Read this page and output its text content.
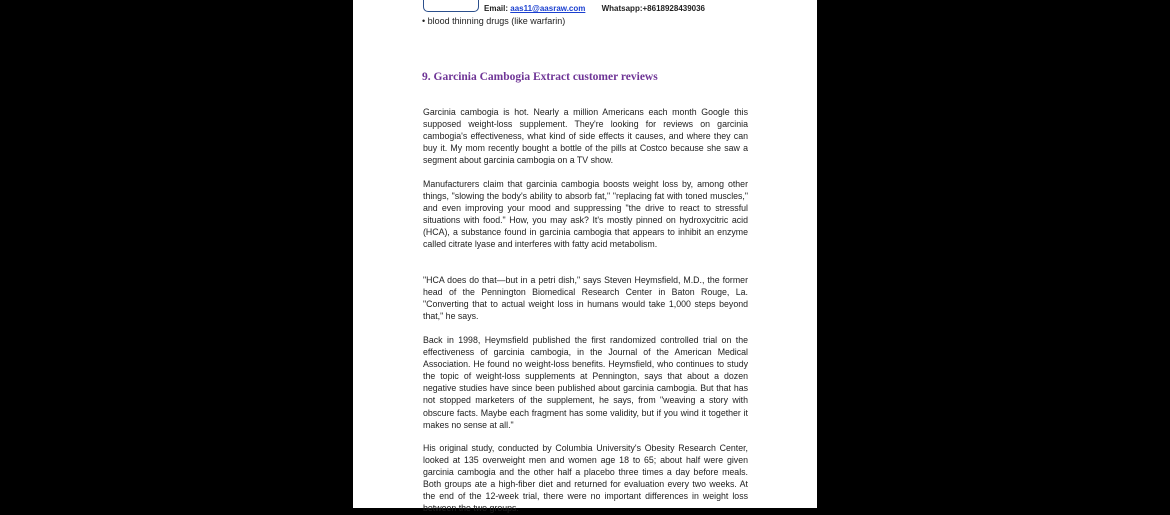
Email: aas11@aasraw.com Whatsapp:+8618928439036
• blood thinning drugs (like warfarin)
9. Garcinia Cambogia Extract customer reviews

Garcinia cambogia is hot. Nearly a million Americans each month Google this supposed weight-loss supplement. They're looking for reviews on garcinia cambogia's effectiveness, what kind of side effects it causes, and where they can buy it. My mom recently bought a bottle of the pills at Costco because she saw a segment about garcinia cambogia on a TV show.

Manufacturers claim that garcinia cambogia boosts weight loss by, among other things, "slowing the body's ability to absorb fat," "replacing fat with toned muscles," and even improving your mood and suppressing "the drive to react to stressful situations with food." How, you may ask? It's mostly pinned on hydroxycitric acid (HCA), a substance found in garcinia cambogia that appears to inhibit an enzyme called citrate lyase and interferes with fatty acid metabolism.

"HCA does do that—but in a petri dish," says Steven Heymsfield, M.D., the former head of the Pennington Biomedical Research Center in Baton Rouge, La. "Converting that to actual weight loss in humans would take 1,000 steps beyond that," he says.

Back in 1998, Heymsfield published the first randomized controlled trial on the effectiveness of garcinia cambogia, in the Journal of the American Medical Association. He found no weight-loss benefits. Heymsfield, who continues to study the topic of weight-loss supplements at Pennington, says that about a dozen negative studies have since been published about garcinia cambogia. But that has not stopped marketers of the supplement, he says, from "weaving a story with obscure facts. Maybe each fragment has some validity, but if you wind it together it makes no sense at all."

His original study, conducted by Columbia University's Obesity Research Center, looked at 135 overweight men and women age 18 to 65; about half were given garcinia cambogia and the other half a placebo three times a day before meals. Both groups ate a high-fiber diet and returned for evaluation every two weeks. At the end of the 12-week trial, there were no important differences in weight loss between the two groups.
